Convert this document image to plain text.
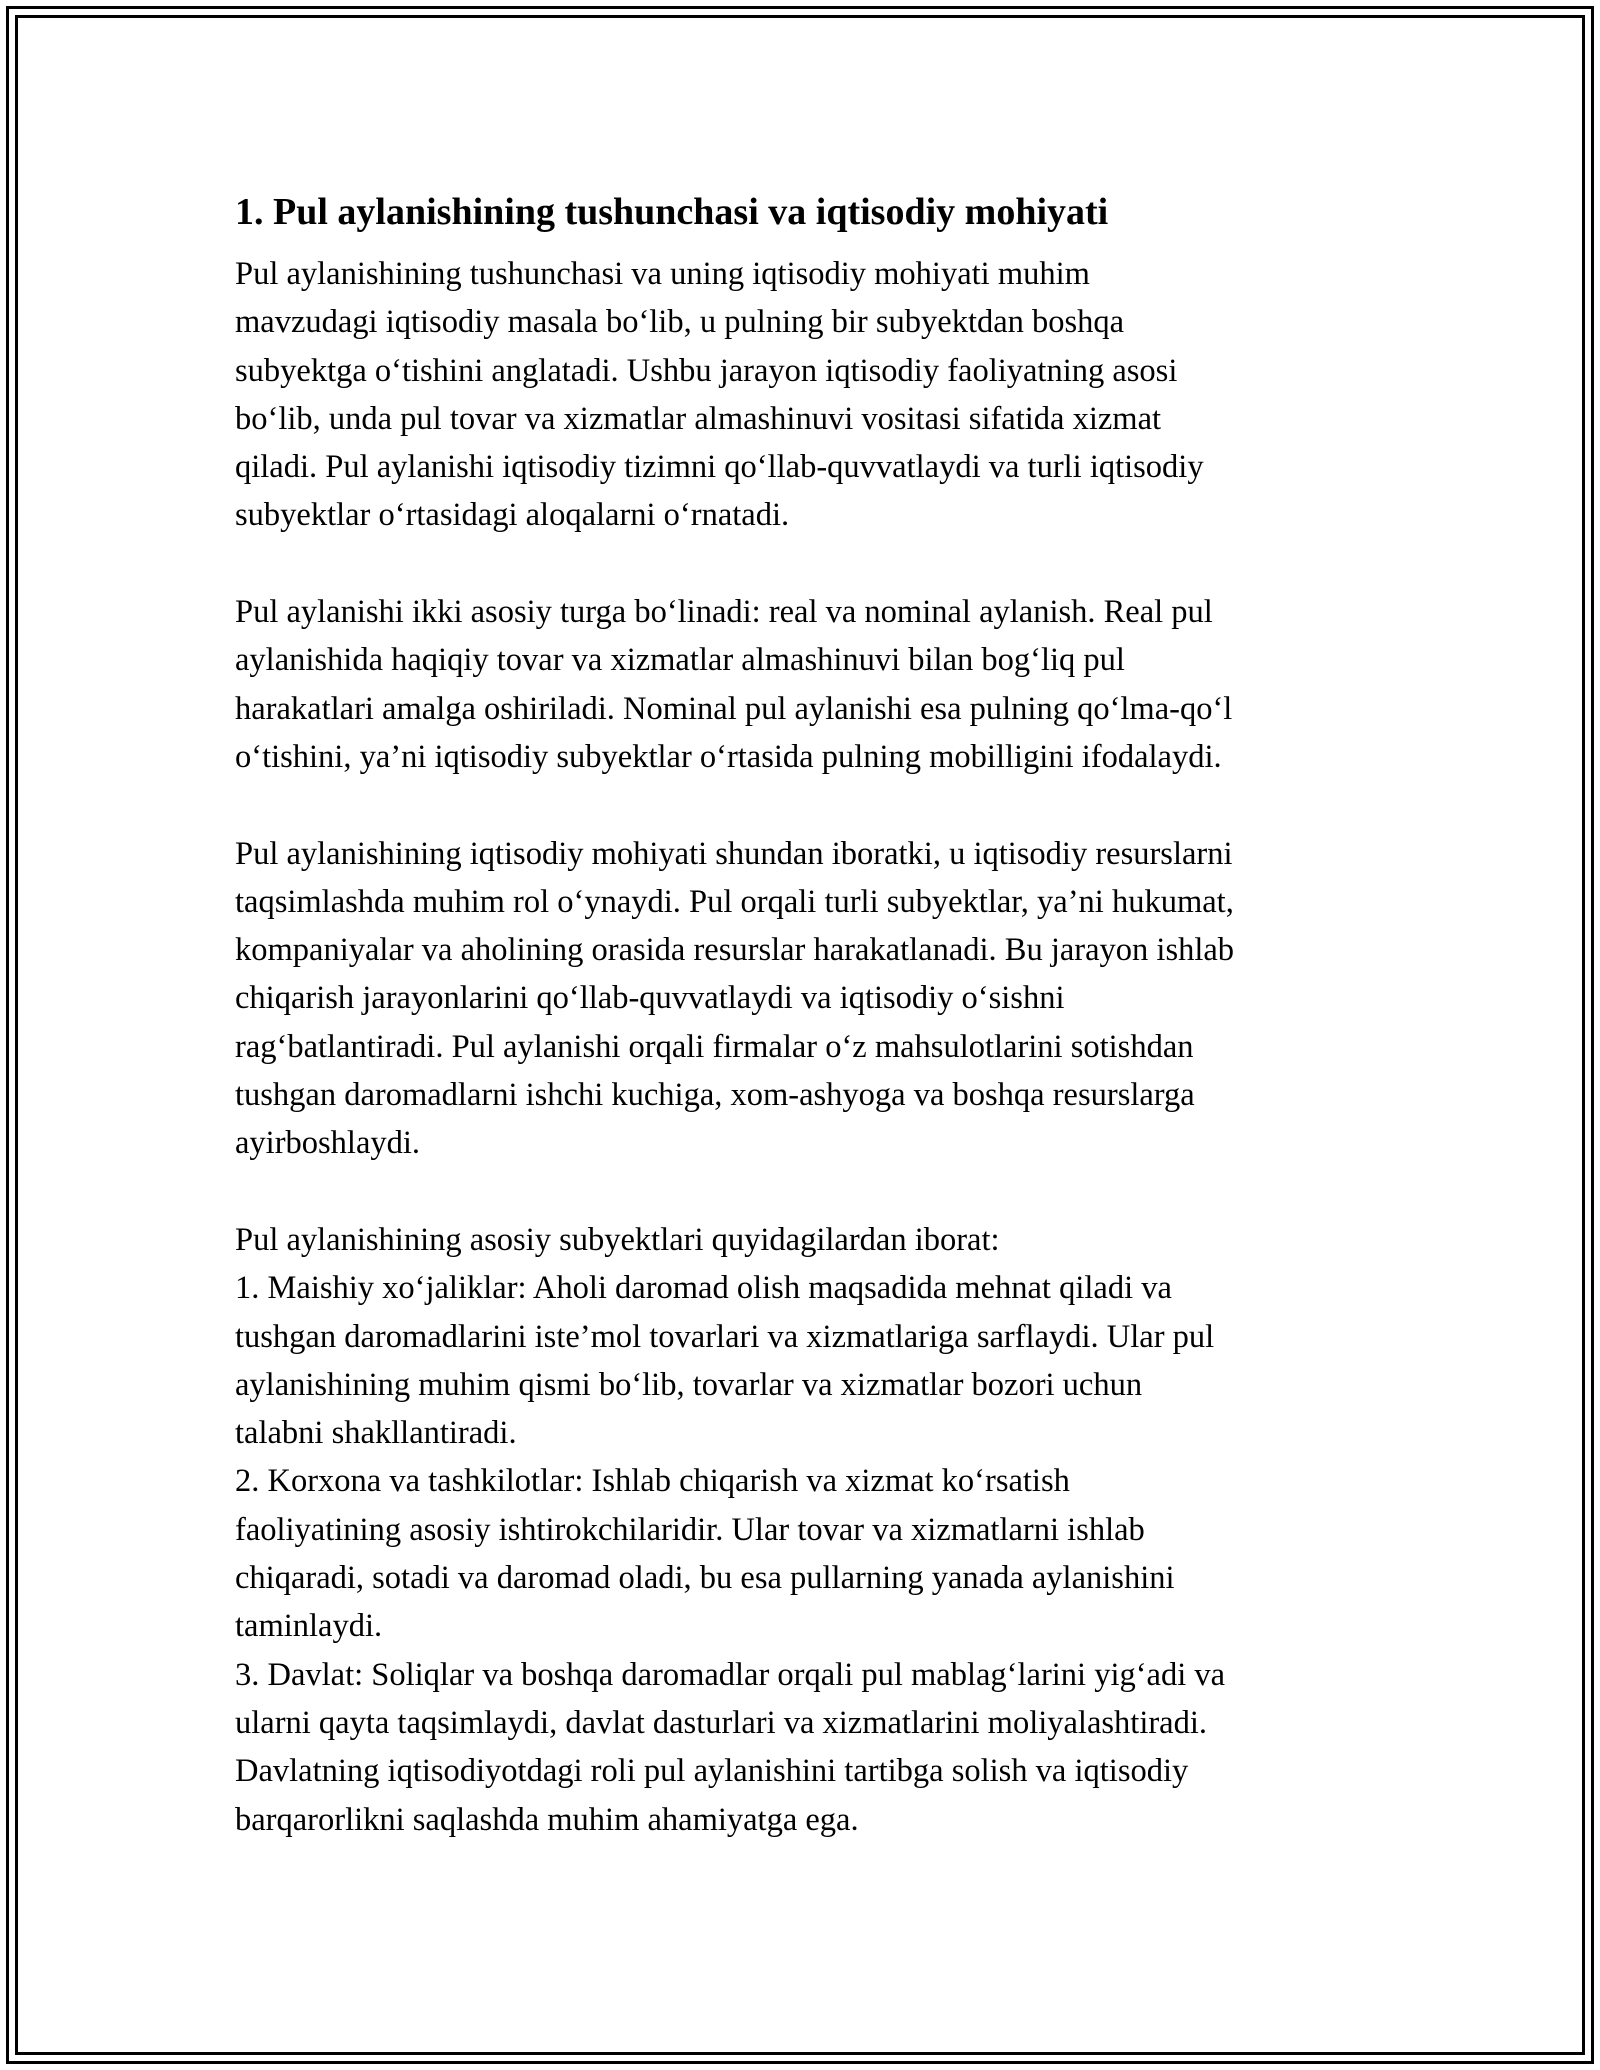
1. Pul aylanishining tushunchasi va iqtisodiy mohiyati

Pul aylanishining tushunchasi va uning iqtisodiy mohiyati muhim
mavzudagi iqtisodiy masala bo‘lib, u pulning bir subyektdan boshqa
subyektga o‘tishini anglatadi. Ushbu jarayon iqtisodiy faoliyatning asosi
bo‘lib, unda pul tovar va xizmatlar almashinuvi vositasi sifatida xizmat
qiladi. Pul aylanishi iqtisodiy tizimni qo‘llab-quvvatlaydi va turli iqtisodiy
subyektlar o‘rtasidagi aloqalarni o‘rnatadi.

Pul aylanishi ikki asosiy turga bo‘linadi: real va nominal aylanish. Real pul
aylanishida haqiqiy tovar va xizmatlar almashinuvi bilan bog‘liq pul
harakatlari amalga oshiriladi. Nominal pul aylanishi esa pulning qo‘lma-qo‘l
o‘tishini, ya’ni iqtisodiy subyektlar o‘rtasida pulning mobilligini ifodalaydi.

Pul aylanishining iqtisodiy mohiyati shundan iboratki, u iqtisodiy resurslarni
taqsimlashda muhim rol o‘ynaydi. Pul orqali turli subyektlar, ya’ni hukumat,
kompaniyalar va aholining orasida resurslar harakatlanadi. Bu jarayon ishlab
chiqarish jarayonlarini qo‘llab-quvvatlaydi va iqtisodiy o‘sishni
rag‘batlantiradi. Pul aylanishi orqali firmalar o‘z mahsulotlarini sotishdan
tushgan daromadlarni ishchi kuchiga, xom-ashyoga va boshqa resurslarga
ayirboshlaydi.

Pul aylanishining asosiy subyektlari quyidagilardan iborat:
1. Maishiy xo‘jaliklar: Aholi daromad olish maqsadida mehnat qiladi va
tushgan daromadlarini iste’mol tovarlari va xizmatlariga sarflaydi. Ular pul
aylanishining muhim qismi bo‘lib, tovarlar va xizmatlar bozori uchun
talabni shakllantiradi.
2. Korxona va tashkilotlar: Ishlab chiqarish va xizmat ko‘rsatish
faoliyatining asosiy ishtirokchilaridir. Ular tovar va xizmatlarni ishlab
chiqaradi, sotadi va daromad oladi, bu esa pullarning yanada aylanishini
taminlaydi.
3. Davlat: Soliqlar va boshqa daromadlar orqali pul mablag‘larini yig‘adi va
ularni qayta taqsimlaydi, davlat dasturlari va xizmatlarini moliyalashtiradi.
Davlatning iqtisodiyotdagi roli pul aylanishini tartibga solish va iqtisodiy
barqarorlikni saqlashda muhim ahamiyatga ega.
